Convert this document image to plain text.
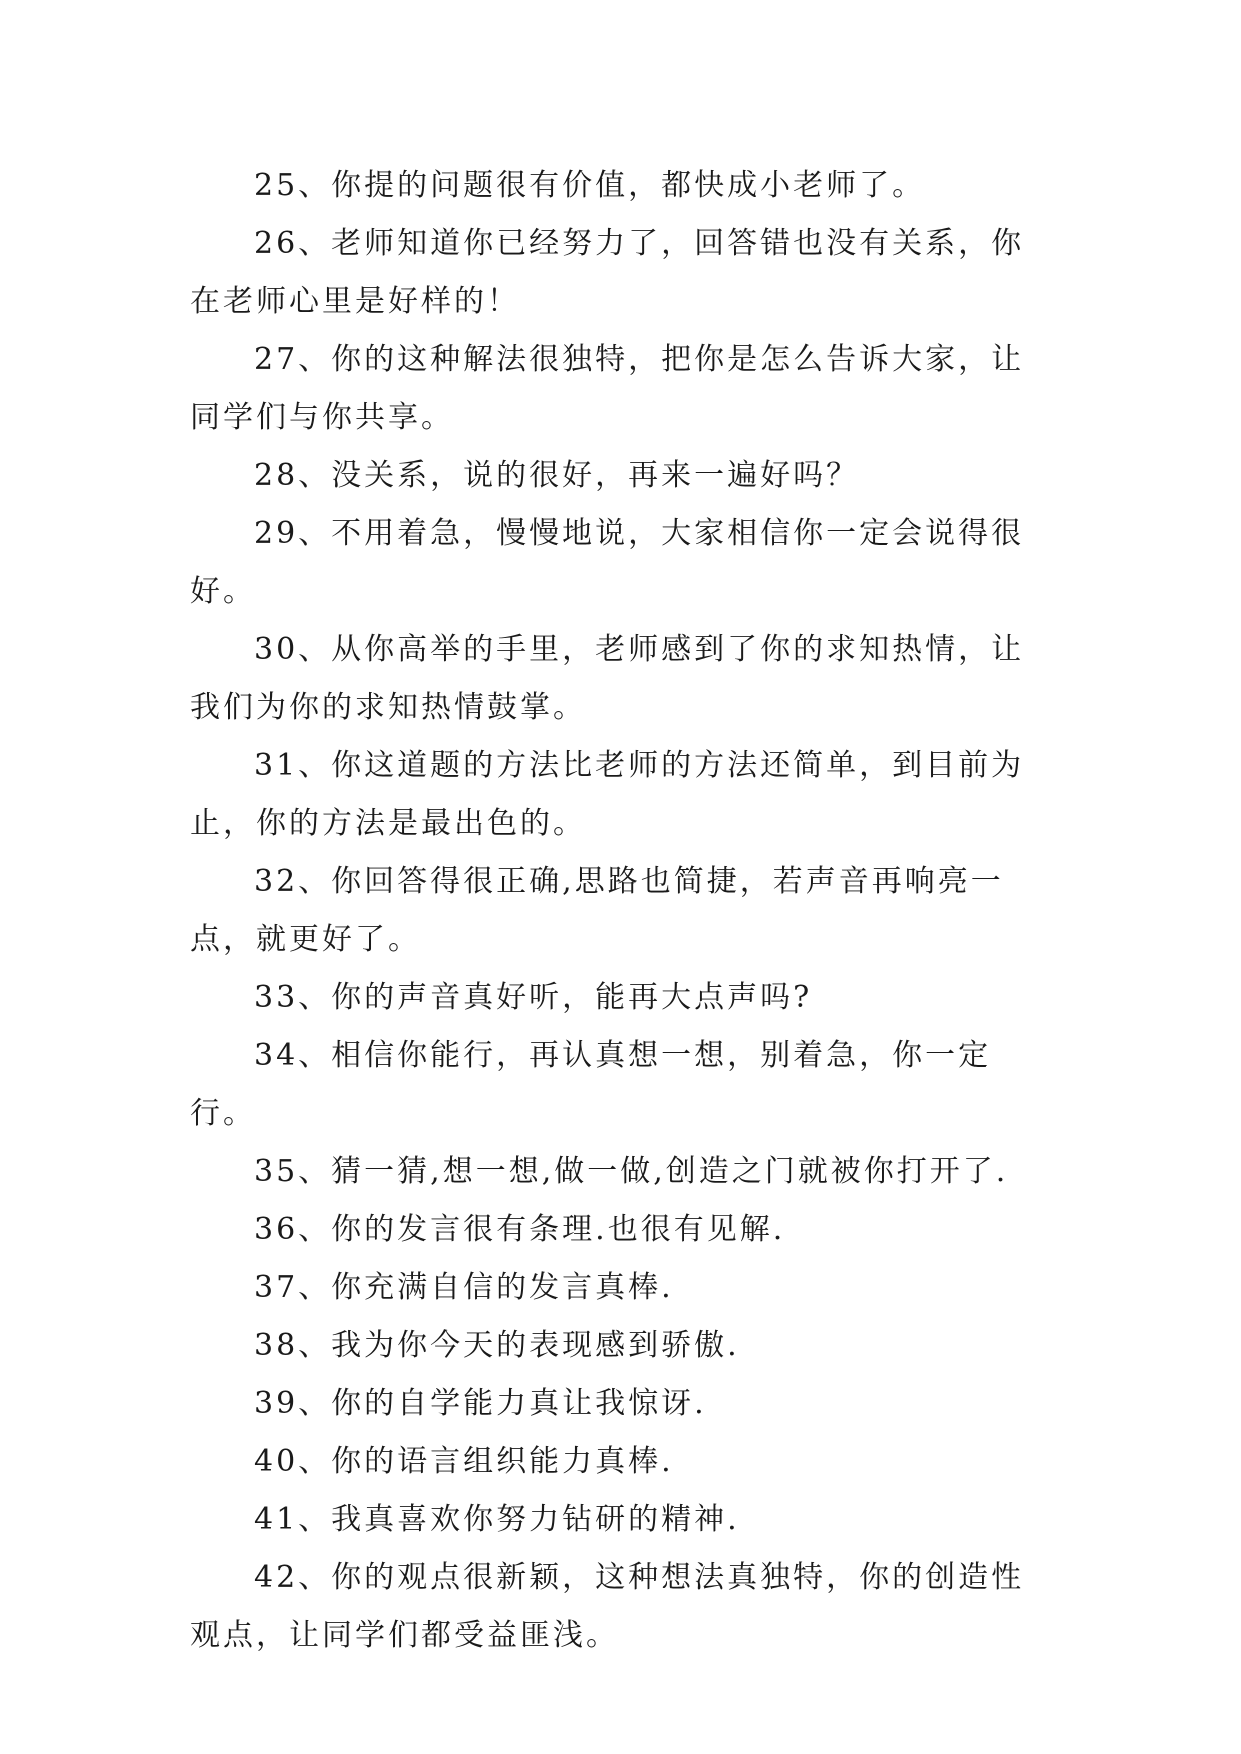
25、你提的问题很有价值，都快成小老师了。

26、老师知道你已经努力了，回答错也没有关系，你在老师心里是好样的！

27、你的这种解法很独特，把你是怎么告诉大家，让同学们与你共享。

28、没关系，说的很好，再来一遍好吗？

29、不用着急，慢慢地说，大家相信你一定会说得很好。

30、从你高举的手里，老师感到了你的求知热情，让我们为你的求知热情鼓掌。

31、你这道题的方法比老师的方法还简单，到目前为止，你的方法是最出色的。

32、你回答得很正确,思路也简捷，若声音再响亮一点，就更好了。

33、你的声音真好听，能再大点声吗?

34、相信你能行，再认真想一想，别着急，你一定行。

35、猜一猜,想一想,做一做,创造之门就被你打开了.

36、你的发言很有条理.也很有见解.

37、你充满自信的发言真棒.

38、我为你今天的表现感到骄傲.

39、你的自学能力真让我惊讶.

40、你的语言组织能力真棒.

41、我真喜欢你努力钻研的精神.

42、你的观点很新颖，这种想法真独特，你的创造性观点，让同学们都受益匪浅。
